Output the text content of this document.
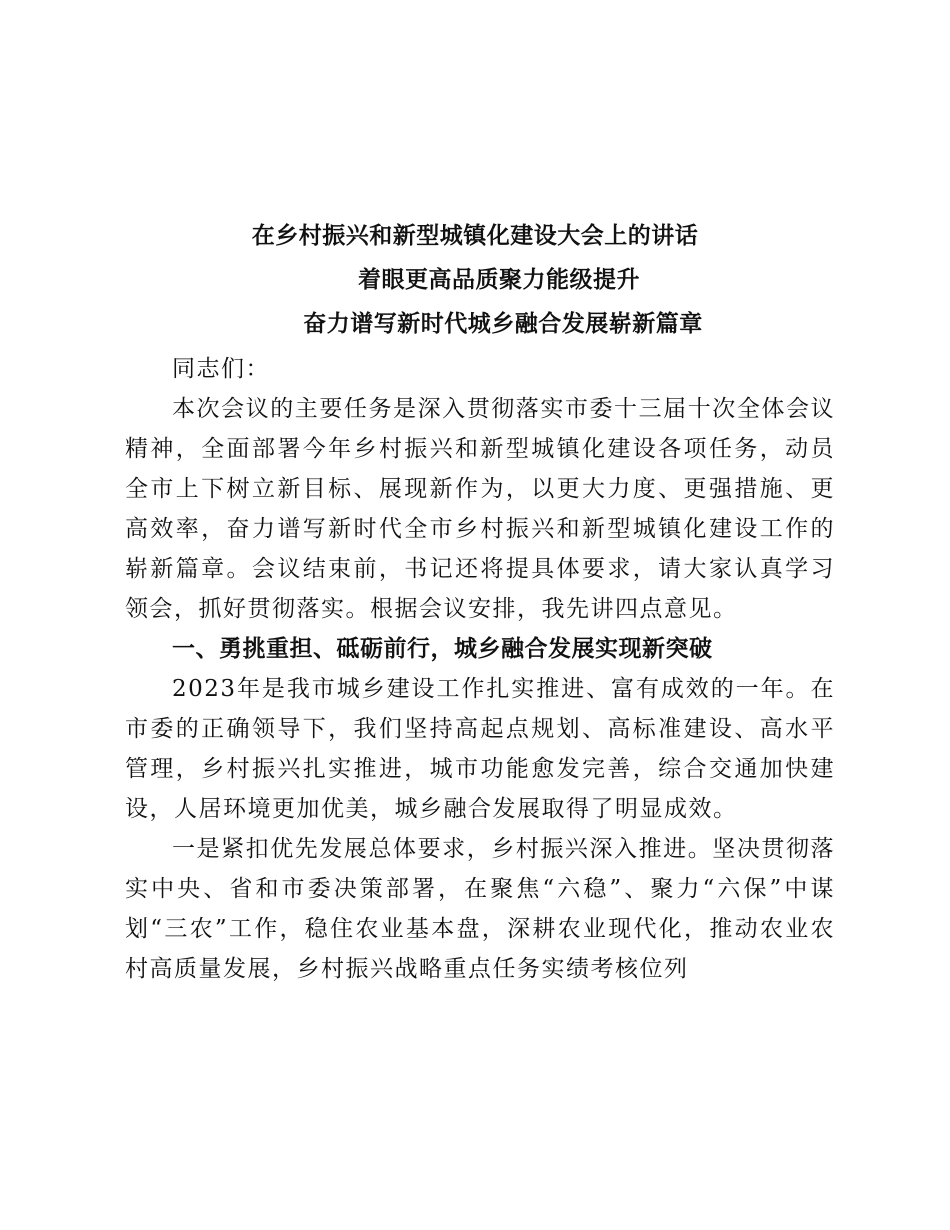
在乡村振兴和新型城镇化建设大会上的讲话

着眼更高品质聚力能级提升

奋力谱写新时代城乡融合发展崭新篇章

同志们：

本次会议的主要任务是深入贯彻落实市委十三届十次全体会议精神，全面部署今年乡村振兴和新型城镇化建设各项任务，动员全市上下树立新目标、展现新作为，以更大力度、更强措施、更高效率，奋力谱写新时代全市乡村振兴和新型城镇化建设工作的崭新篇章。会议结束前，书记还将提具体要求，请大家认真学习领会，抓好贯彻落实。根据会议安排，我先讲四点意见。

一、勇挑重担、砥砺前行，城乡融合发展实现新突破

2023年是我市城乡建设工作扎实推进、富有成效的一年。在市委的正确领导下，我们坚持高起点规划、高标准建设、高水平管理，乡村振兴扎实推进，城市功能愈发完善，综合交通加快建设，人居环境更加优美，城乡融合发展取得了明显成效。

一是紧扣优先发展总体要求，乡村振兴深入推进。坚决贯彻落实中央、省和市委决策部署，在聚焦“六稳”、聚力“六保”中谋划“三农”工作，稳住农业基本盘，深耕农业现代化，推动农业农村高质量发展，乡村振兴战略重点任务实绩考核位列
